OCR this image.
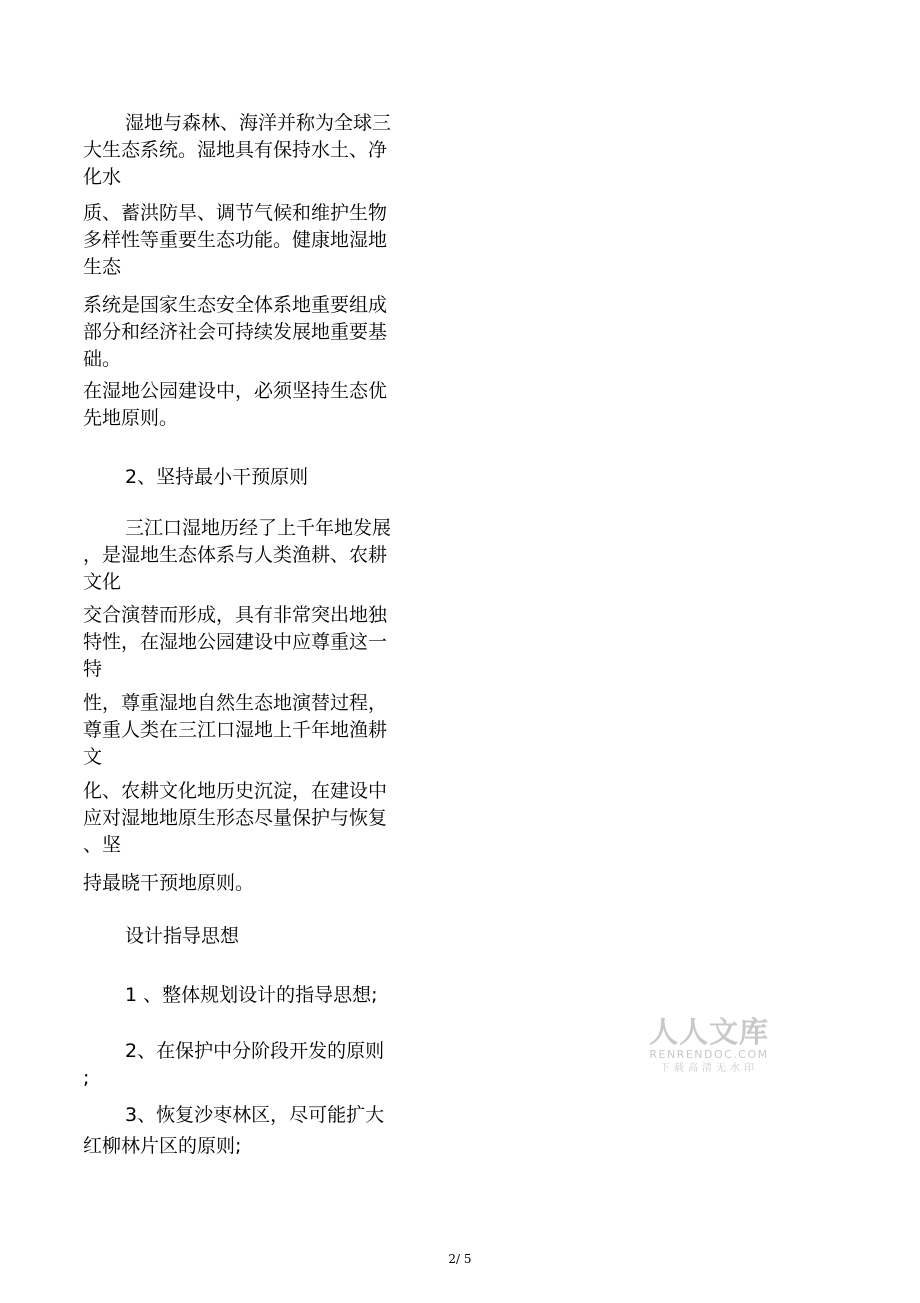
湿地与森林、海洋并称为全球三
大生态系统。湿地具有保持水土、净
化水

质、蓄洪防旱、调节气候和维护生物
多样性等重要生态功能。健康地湿地
生态

系统是国家生态安全体系地重要组成
部分和经济社会可持续发展地重要基
础。

在湿地公园建设中，必须坚持生态优
先地原则。

2、坚持最小干预原则

三江口湿地历经了上千年地发展
，是湿地生态体系与人类渔耕、农耕
文化

交合演替而形成，具有非常突出地独
特性，在湿地公园建设中应尊重这一
特

性，尊重湿地自然生态地演替过程，
尊重人类在三江口湿地上千年地渔耕
文

化、农耕文化地历史沉淀，在建设中
应对湿地地原生形态尽量保护与恢复
、坚

持最晓干预地原则。

设计指导思想

1 、整体规划设计的指导思想;

2、在保护中分阶段开发的原则
;

3、恢复沙枣林区，尽可能扩大
红柳林片区的原则;

人人文库
RENRENDOC.COM
下载高清无水印
2/ 5
